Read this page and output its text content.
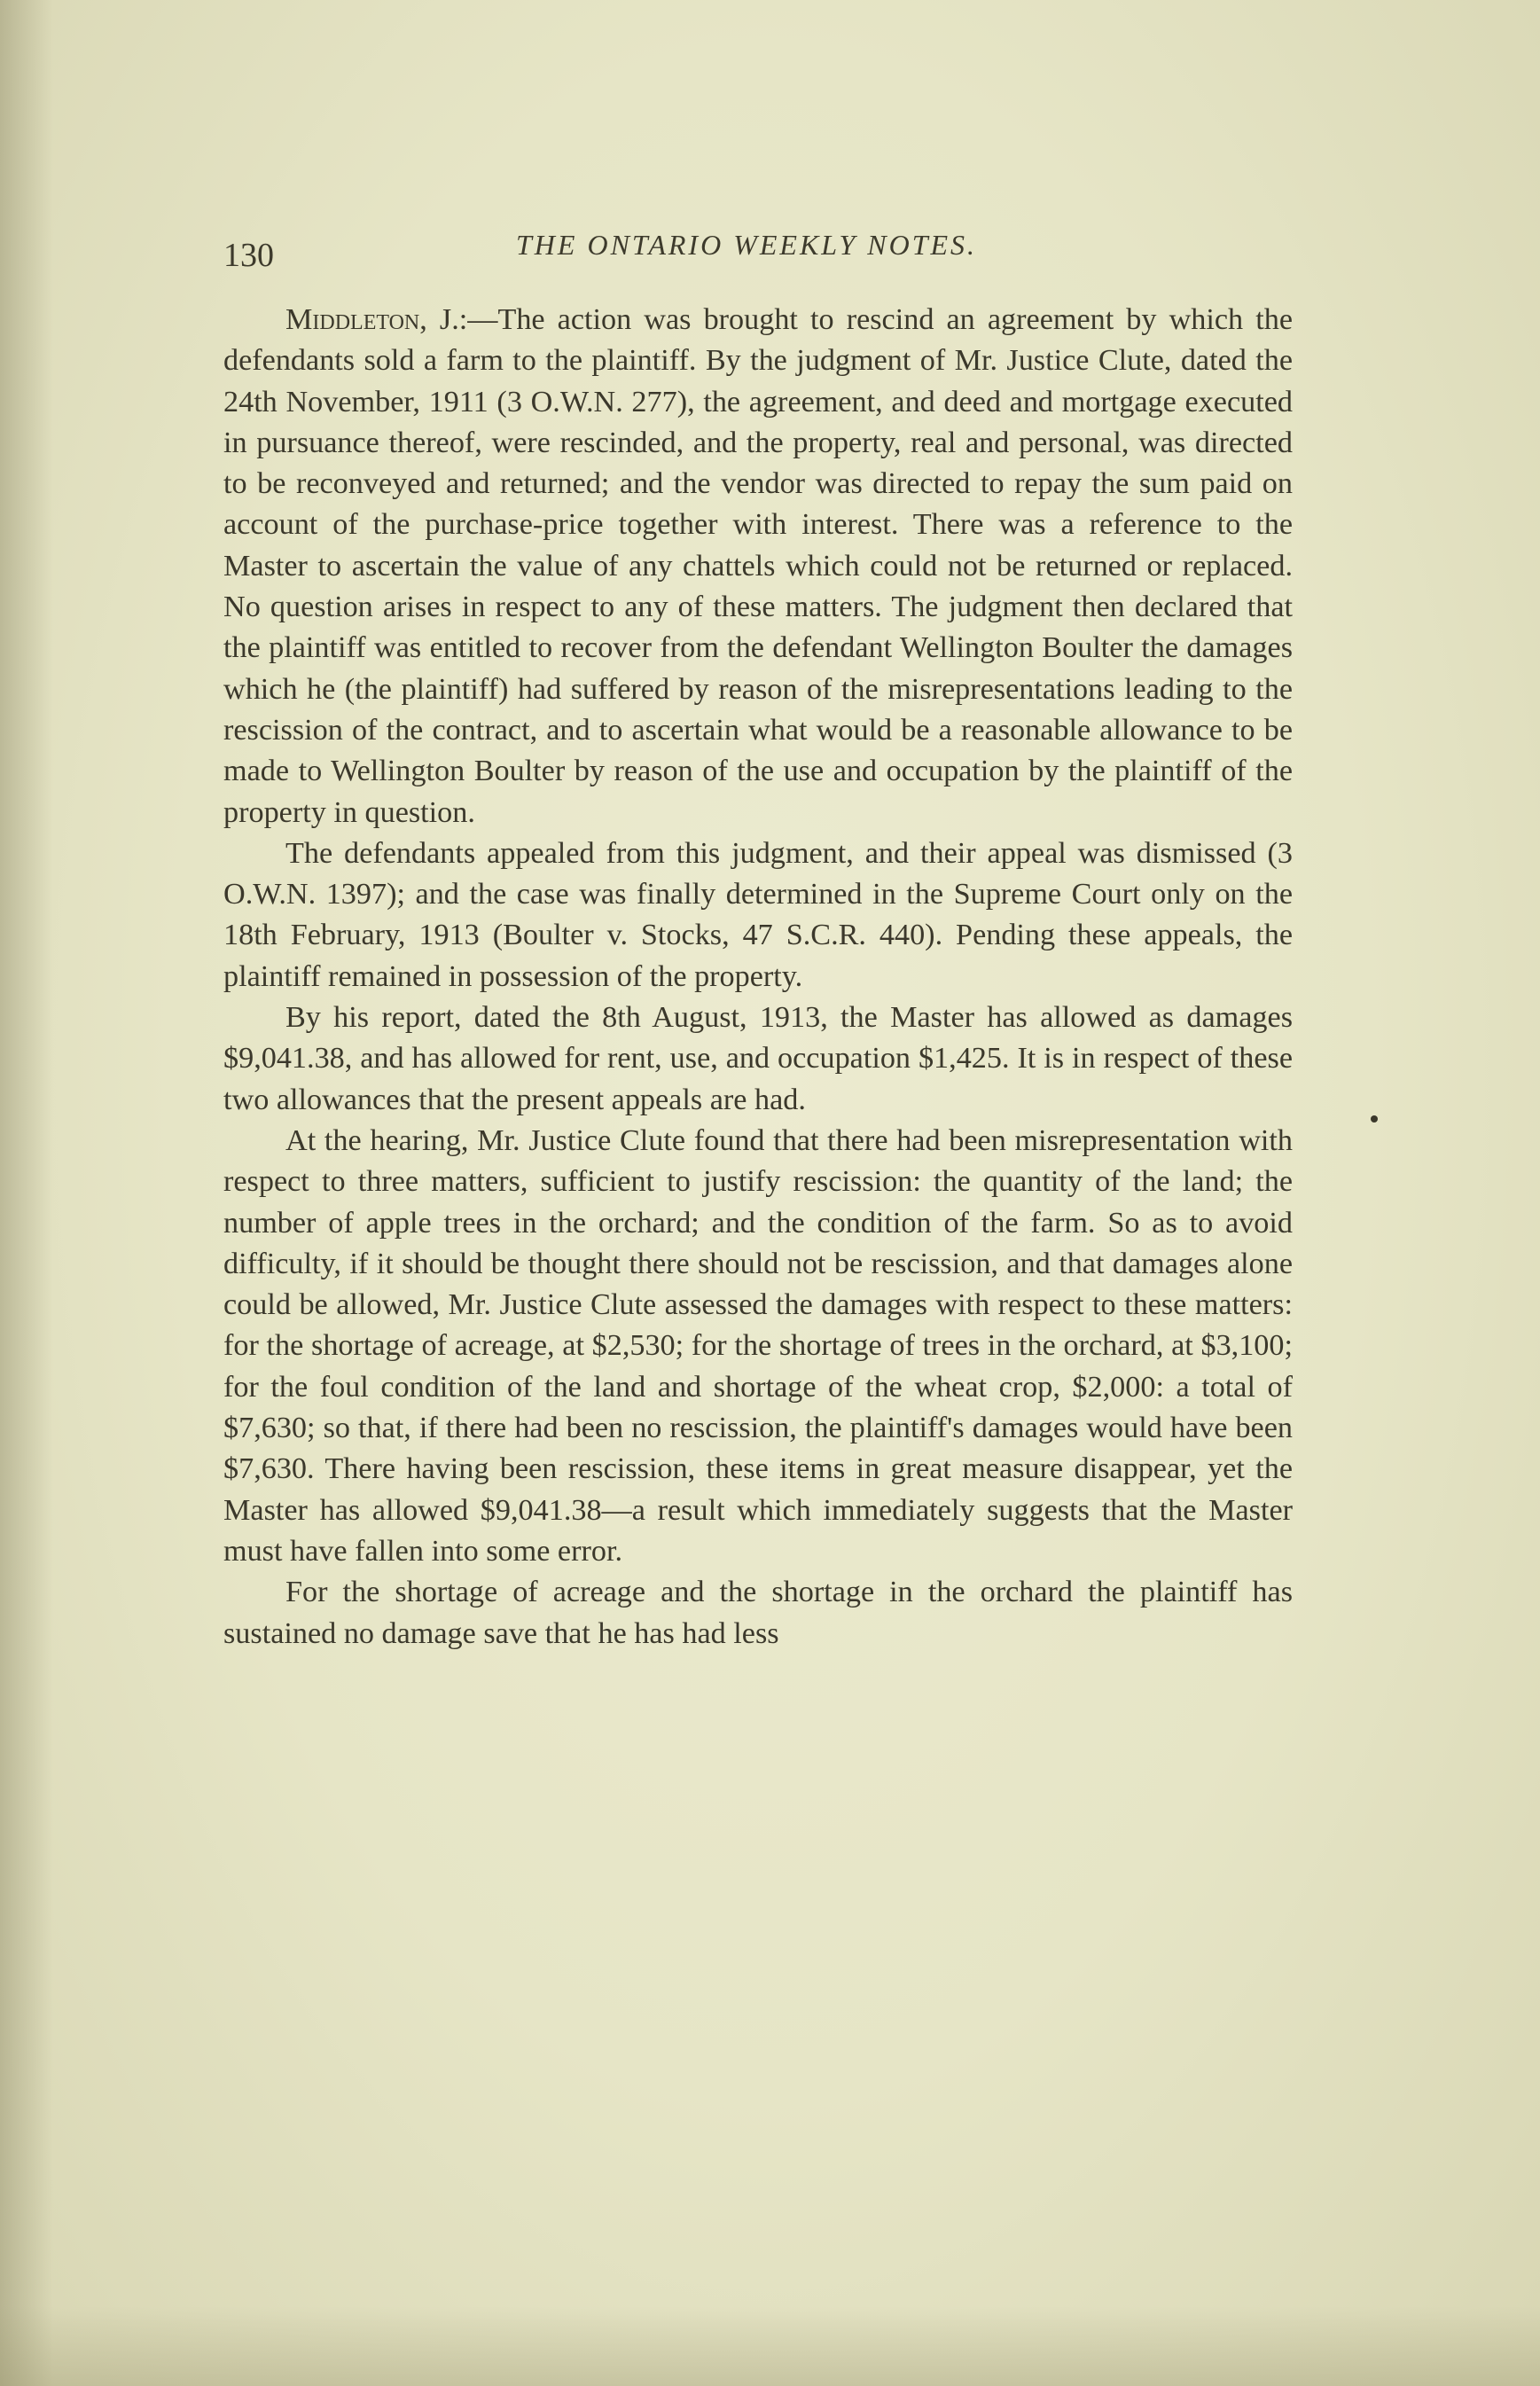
130	THE ONTARIO WEEKLY NOTES.

Middleton, J.:—The action was brought to rescind an agreement by which the defendants sold a farm to the plaintiff. By the judgment of Mr. Justice Clute, dated the 24th November, 1911 (3 O.W.N. 277), the agreement, and deed and mortgage executed in pursuance thereof, were rescinded, and the property, real and personal, was directed to be reconveyed and returned; and the vendor was directed to repay the sum paid on account of the purchase-price together with interest. There was a reference to the Master to ascertain the value of any chattels which could not be returned or replaced. No question arises in respect to any of these matters. The judgment then declared that the plaintiff was entitled to recover from the defendant Wellington Boulter the damages which he (the plaintiff) had suffered by reason of the misrepresentations leading to the rescission of the contract, and to ascertain what would be a reasonable allowance to be made to Wellington Boulter by reason of the use and occupation by the plaintiff of the property in question.

The defendants appealed from this judgment, and their appeal was dismissed (3 O.W.N. 1397); and the case was finally determined in the Supreme Court only on the 18th February, 1913 (Boulter v. Stocks, 47 S.C.R. 440). Pending these appeals, the plaintiff remained in possession of the property.

By his report, dated the 8th August, 1913, the Master has allowed as damages $9,041.38, and has allowed for rent, use, and occupation $1,425. It is in respect of these two allowances that the present appeals are had.

At the hearing, Mr. Justice Clute found that there had been misrepresentation with respect to three matters, sufficient to justify rescission: the quantity of the land; the number of apple trees in the orchard; and the condition of the farm. So as to avoid difficulty, if it should be thought there should not be rescission, and that damages alone could be allowed, Mr. Justice Clute assessed the damages with respect to these matters: for the shortage of acreage, at $2,530; for the shortage of trees in the orchard, at $3,100; for the foul condition of the land and shortage of the wheat crop, $2,000: a total of $7,630; so that, if there had been no rescission, the plaintiff's damages would have been $7,630. There having been rescission, these items in great measure disappear, yet the Master has allowed $9,041.38—a result which immediately suggests that the Master must have fallen into some error.

For the shortage of acreage and the shortage in the orchard the plaintiff has sustained no damage save that he has had less
